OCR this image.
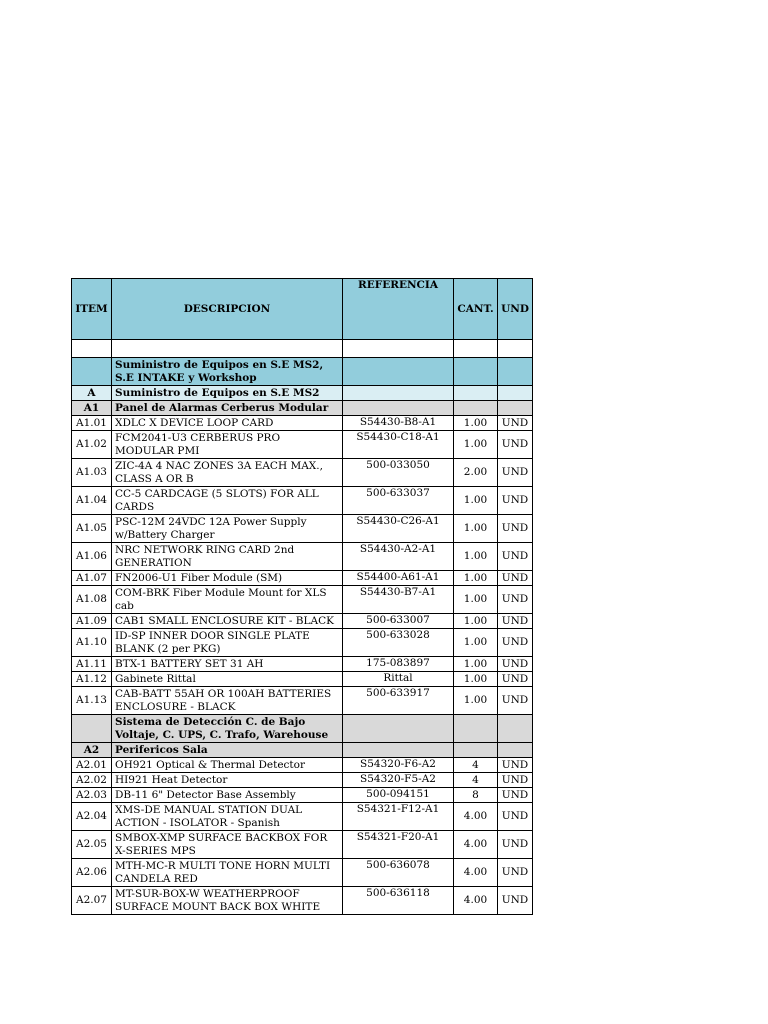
ITEM	DESCRIPCION	REFERENCIA	CANT.	UND

	Suministro de Equipos en S.E MS2, S.E INTAKE y Workshop			
A	Suministro de Equipos en S.E MS2			
A1	Panel de Alarmas Cerberus Modular			
A1.01	XDLC X DEVICE LOOP CARD	S54430-B8-A1	1.00	UND
A1.02	FCM2041-U3 CERBERUS PRO MODULAR PMI	S54430-C18-A1	1.00	UND
A1.03	ZIC-4A 4 NAC ZONES 3A EACH MAX., CLASS A OR B	500-033050	2.00	UND
A1.04	CC-5 CARDCAGE (5 SLOTS) FOR ALL CARDS	500-633037	1.00	UND
A1.05	PSC-12M 24VDC 12A Power Supply w/Battery Charger	S54430-C26-A1	1.00	UND
A1.06	NRC NETWORK RING CARD 2nd GENERATION	S54430-A2-A1	1.00	UND
A1.07	FN2006-U1 Fiber Module (SM)	S54400-A61-A1	1.00	UND
A1.08	COM-BRK Fiber Module Mount for XLS cab	S54430-B7-A1	1.00	UND
A1.09	CAB1 SMALL ENCLOSURE KIT - BLACK	500-633007	1.00	UND
A1.10	ID-SP INNER DOOR SINGLE PLATE BLANK (2 per PKG)	500-633028	1.00	UND
A1.11	BTX-1 BATTERY SET 31 AH	175-083897	1.00	UND
A1.12	Gabinete Rittal	Rittal	1.00	UND
A1.13	CAB-BATT 55AH OR 100AH BATTERIES ENCLOSURE - BLACK	500-633917	1.00	UND
	Sistema de Detección C. de Bajo Voltaje, C. UPS, C. Trafo, Warehouse			
A2	Perifericos Sala			
A2.01	OH921 Optical & Thermal Detector	S54320-F6-A2	4	UND
A2.02	HI921 Heat Detector	S54320-F5-A2	4	UND
A2.03	DB-11 6" Detector Base Assembly	500-094151	8	UND
A2.04	XMS-DE MANUAL STATION DUAL ACTION - ISOLATOR - Spanish	S54321-F12-A1	4.00	UND
A2.05	SMBOX-XMP SURFACE BACKBOX FOR X-SERIES MPS	S54321-F20-A1	4.00	UND
A2.06	MTH-MC-R MULTI TONE HORN MULTI CANDELA RED	500-636078	4.00	UND
A2.07	MT-SUR-BOX-W WEATHERPROOF SURFACE MOUNT BACK BOX WHITE	500-636118	4.00	UND
